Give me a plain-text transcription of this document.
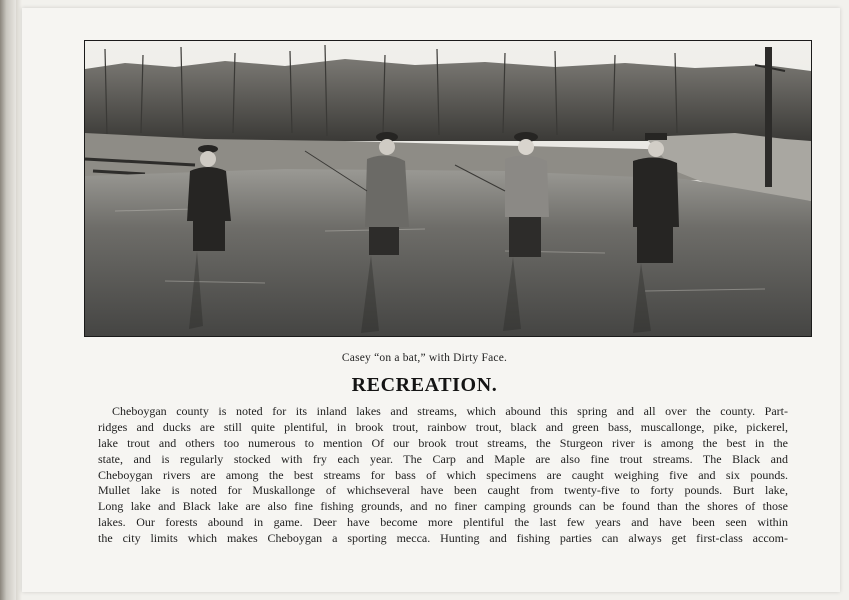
Casey “on a bat,” with Dirty Face.
RECREATION.
Cheboygan county is noted for its inland lakes and streams, which abound this spring and all over the county. Part-
ridges and ducks are still quite plentiful, in brook trout, rainbow trout, black and green bass, muscallonge, pike, pickerel,
lake trout and others too numerous to mention Of our brook trout streams, the Sturgeon river is among the best in the
state, and is regularly stocked with fry each year. The Carp and Maple are also fine trout streams. The Black and
Cheboygan rivers are among the best streams for bass of which specimens are caught weighing five and six pounds.
Mullet lake is noted for Muskallonge of whichseveral have been caught from twenty-five to forty pounds. Burt lake,
Long lake and Black lake are also fine fishing grounds, and no finer camping grounds can be found than the shores of those
lakes. Our forests abound in game. Deer have become more plentiful the last few years and have been seen within
the city limits which makes Cheboygan a sporting mecca. Hunting and fishing parties can always get first-class accom-
